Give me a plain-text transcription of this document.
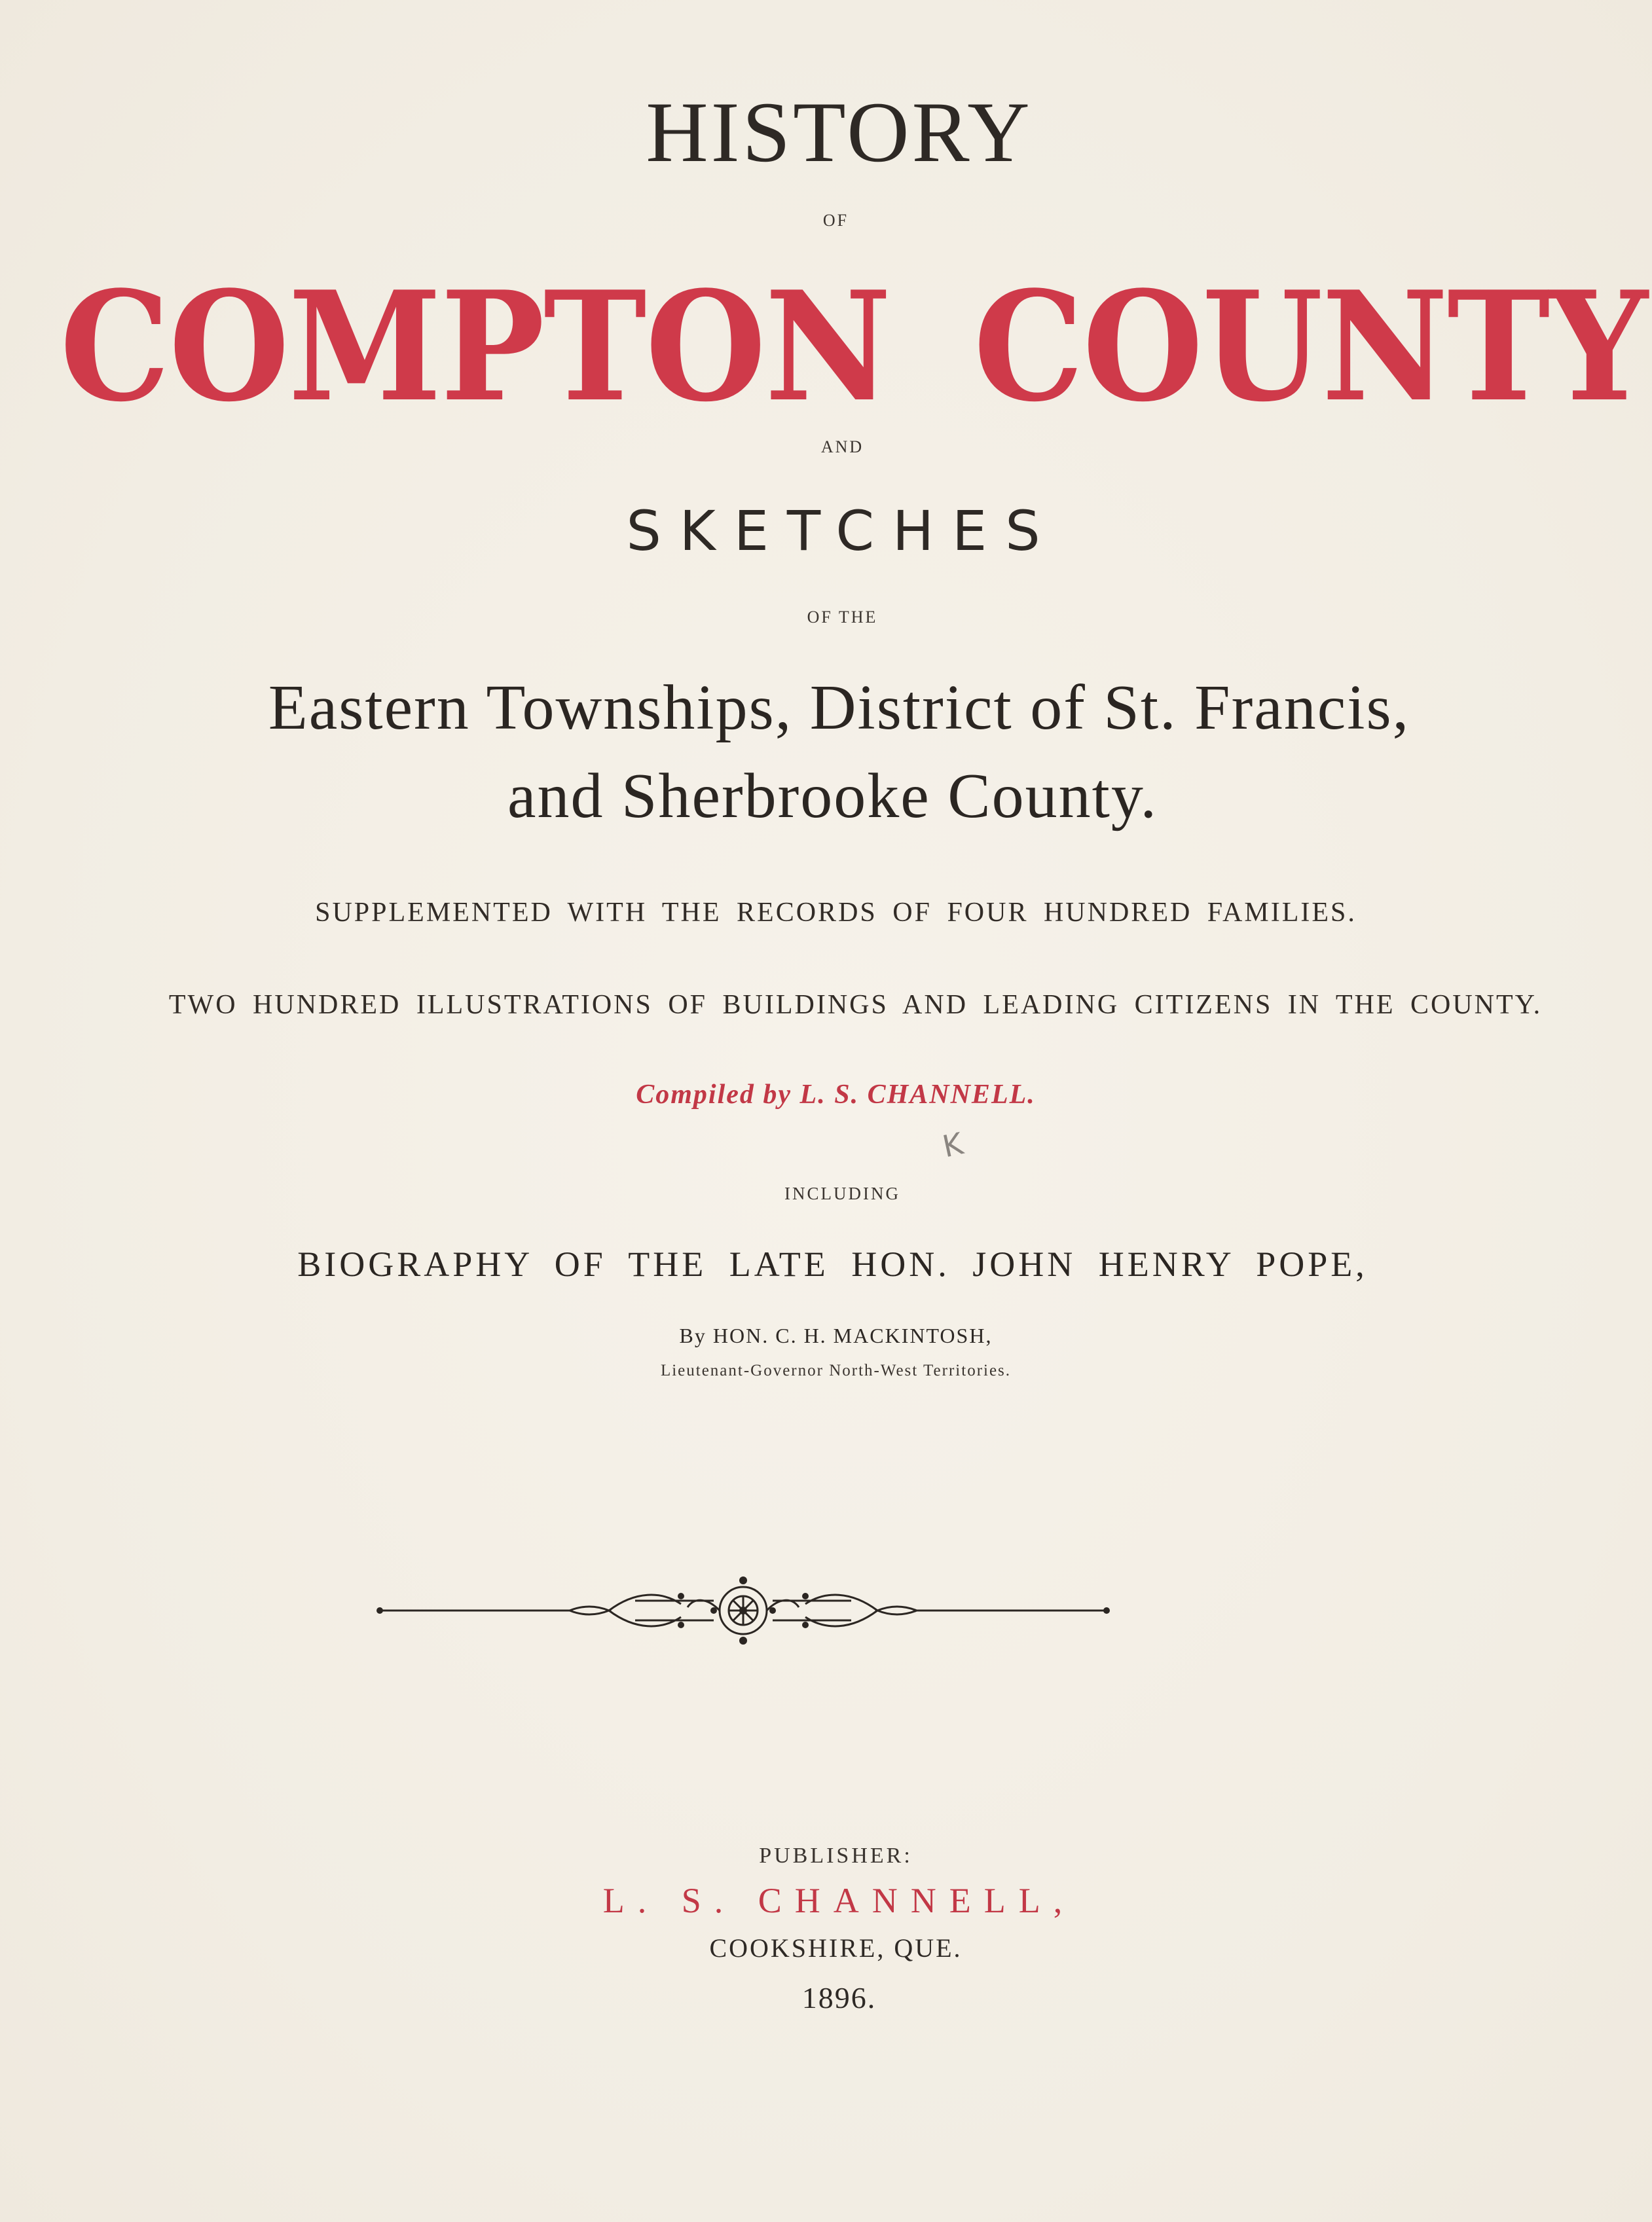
HISTORY
OF
COMPTON COUNTY
AND
SKETCHES
OF THE
Eastern Townships, District of St. Francis,
and Sherbrooke County.
SUPPLEMENTED WITH THE RECORDS OF FOUR HUNDRED FAMILIES.
TWO HUNDRED ILLUSTRATIONS OF BUILDINGS AND LEADING CITIZENS IN THE COUNTY.
Compiled by L. S. CHANNELL.
K
INCLUDING
BIOGRAPHY OF THE LATE HON. JOHN HENRY POPE,
By HON. C. H. MACKINTOSH,
Lieutenant-Governor North-West Territories.
PUBLISHER:
L. S. CHANNELL,
COOKSHIRE, QUE.
1896.
